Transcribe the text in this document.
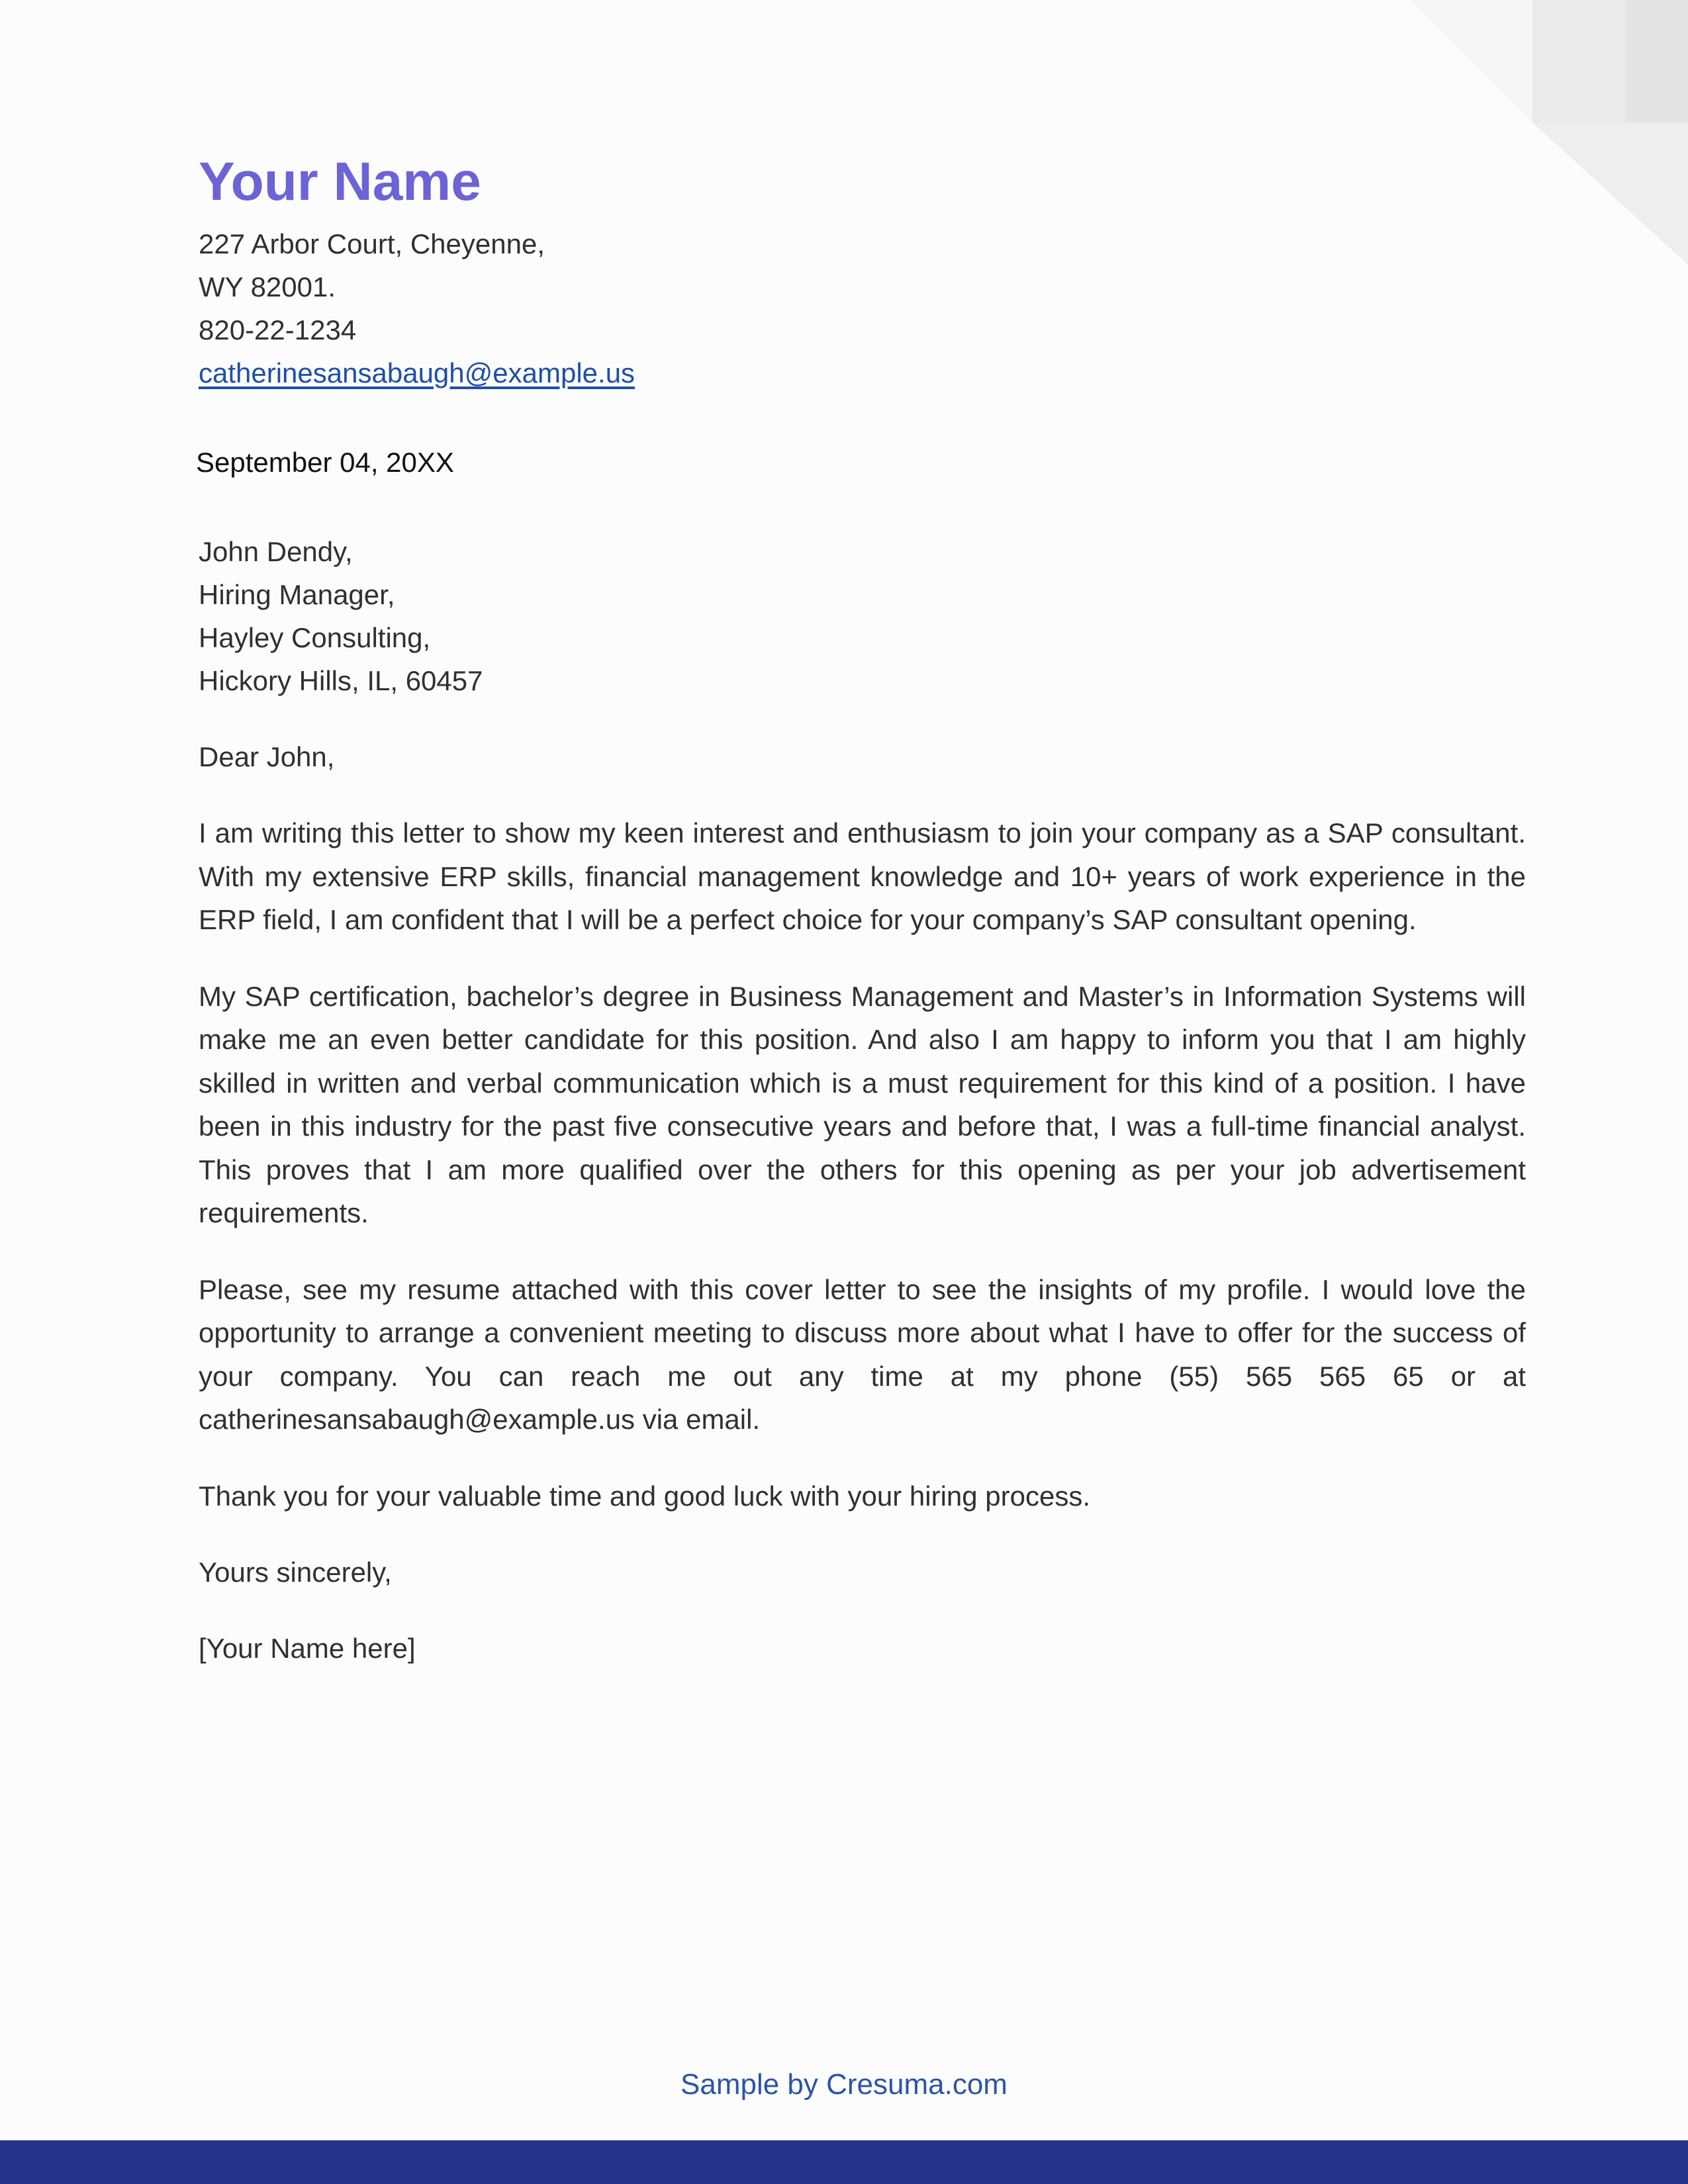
Your Name
227 Arbor Court, Cheyenne,
WY 82001.
820-22-1234
catherinesansabaugh@example.us
September 04, 20XX
John Dendy,
Hiring Manager,
Hayley Consulting,
Hickory Hills, IL, 60457
Dear John,
I am writing this letter to show my keen interest and enthusiasm to join your company as a SAP consultant. With my extensive ERP skills, financial management knowledge and 10+ years of work experience in the ERP field, I am confident that I will be a perfect choice for your company’s SAP consultant opening.
My SAP certification, bachelor’s degree in Business Management and Master’s in Information Systems will make me an even better candidate for this position. And also I am happy to inform you that I am highly skilled in written and verbal communication which is a must requirement for this kind of a position. I have been in this industry for the past five consecutive years and before that, I was a full-time financial analyst. This proves that I am more qualified over the others for this opening as per your job advertisement requirements.
Please, see my resume attached with this cover letter to see the insights of my profile. I would love the opportunity to arrange a convenient meeting to discuss more about what I have to offer for the success of your company. You can reach me out any time at my phone (55) 565 565 65 or at catherinesansabaugh@example.us via email.
Thank you for your valuable time and good luck with your hiring process.
Yours sincerely,
[Your Name here]
Sample by Cresuma.com
